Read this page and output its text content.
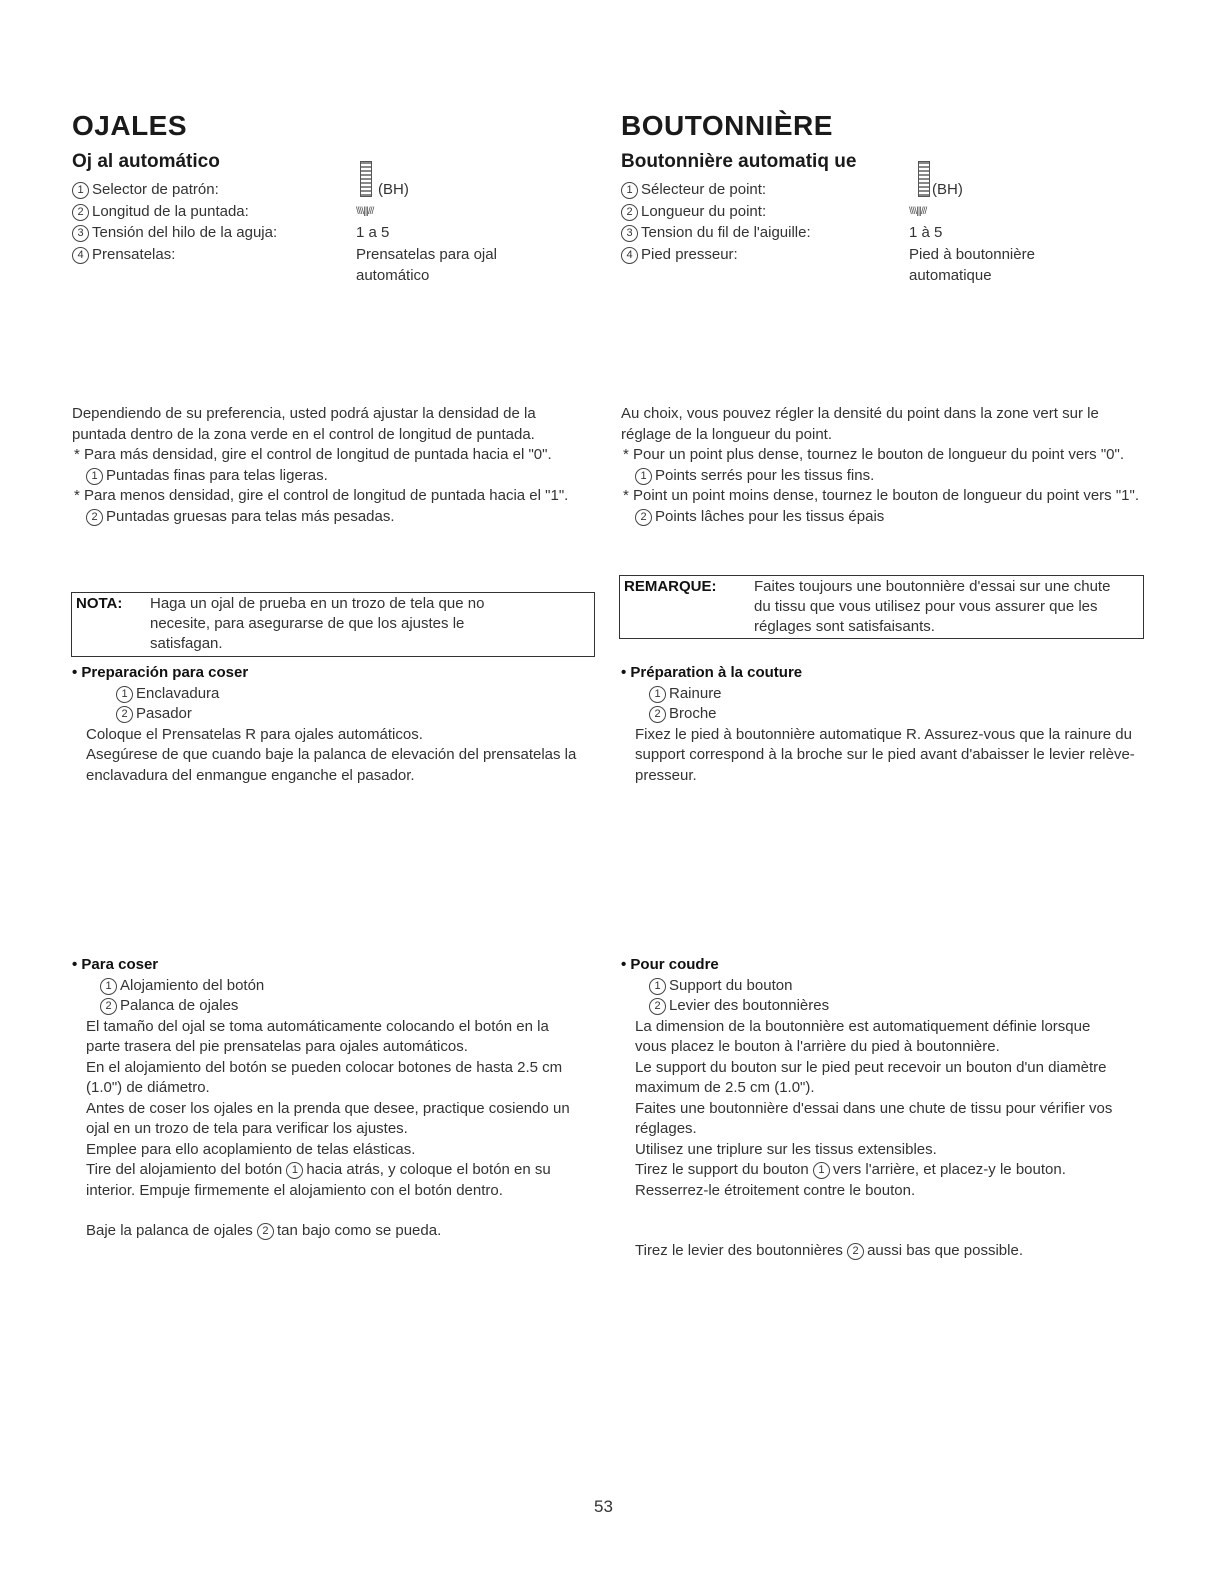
OJALES
Oj al automático
1 Selector de patrón:	(BH)
2 Longitud de la puntada:	\\\\|||///
3 Tensión del hilo de la aguja:	1 a 5
4 Prensatelas:	Prensatelas para ojal automático

Dependiendo de su preferencia, usted podrá ajustar la densidad de la puntada dentro de la zona verde en el control de longitud de puntada.

* Para más densidad, gire el control de longitud de puntada hacia el "0".

1 Puntadas finas para telas ligeras.

* Para menos densidad, gire el control de longitud de puntada hacia el "1".

2 Puntadas gruesas para telas más pesadas.

NOTA:	Haga un ojal de prueba en un trozo de tela que no necesite, para asegurarse de que los ajustes le satisfagan.

• Preparación para coser

1 Enclavadura

2 Pasador

Coloque el Prensatelas R para ojales automáticos.

Asegúrese de que cuando baje la palanca de elevación del prensatelas la enclavadura del enmangue enganche el pasador.

• Para coser

1 Alojamiento del botón

2 Palanca de ojales

El tamaño del ojal se toma automáticamente colocando el botón en la parte trasera del pie prensatelas para ojales automáticos.

En el alojamiento del botón se pueden colocar botones de hasta 2.5 cm (1.0") de diámetro.

Antes de coser los ojales en la prenda que desee, practique cosiendo un ojal en un trozo de tela para verificar los ajustes.

Emplee para ello acoplamiento de telas elásticas.

Tire del alojamiento del botón 1 hacia atrás, y coloque el botón en su interior. Empuje firmemente el alojamiento con el botón dentro.

Baje la palanca de ojales 2 tan bajo como se pueda.

BOUTONNIÈRE
Boutonnière automatiq ue
1 Sélecteur de point:	(BH)
2 Longueur du point:	\\\\|||///
3 Tension du fil de l'aiguille:	1 à 5
4 Pied presseur:	Pied à boutonnière automatique

Au choix, vous pouvez régler la densité du point dans la zone vert sur le réglage de la longueur du point.

* Pour un point plus dense, tournez le bouton de longueur du point vers "0".

1 Points serrés pour les tissus fins.

* Point un point moins dense, tournez le bouton de longueur du point vers "1".

2 Points lâches pour les tissus épais

REMARQUE:	Faites toujours une boutonnière d'essai sur une chute du tissu que vous utilisez pour vous assurer que les réglages sont satisfaisants.

• Préparation à la couture

1 Rainure

2 Broche

Fixez le pied à boutonnière automatique R. Assurez-vous que la rainure du support correspond à la broche sur le pied avant d'abaisser le levier relève-presseur.

• Pour coudre

1 Support du bouton

2 Levier des boutonnières

La dimension de la boutonnière est automatiquement définie lorsque vous placez le bouton à l'arrière du pied à boutonnière.

Le support du bouton sur le pied peut recevoir un bouton d'un diamètre maximum de 2.5 cm (1.0").

Faites une boutonnière d'essai dans une chute de tissu pour vérifier vos réglages.

Utilisez une triplure sur les tissus extensibles.

Tirez le support du bouton 1 vers l'arrière, et placez-y le bouton. Resserrez-le étroitement contre le bouton.

Tirez le levier des boutonnières 2 aussi bas que possible.

53
